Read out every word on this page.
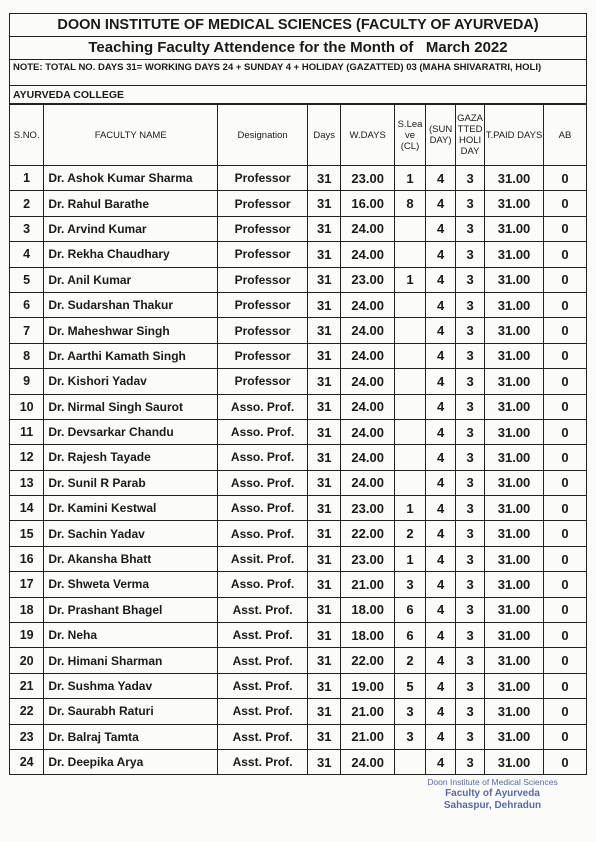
DOON INSTITUTE OF MEDICAL SCIENCES (FACULTY OF AYURVEDA)
Teaching Faculty Attendence for the Month of   March 2022
NOTE: TOTAL NO. DAYS 31= WORKING DAYS 24 + SUNDAY 4 + HOLIDAY (GAZATTED) 03 (MAHA SHIVARATRI, HOLI)
AYURVEDA COLLEGE
S.NO.	FACULTY NAME	Designation	Days	W.DAYS	S.Lea ve (CL)	(SUN DAY)	GAZA TTED HOLI DAY	T.PAID DAYS	AB
1	Dr. Ashok Kumar Sharma	Professor	31	23.00	1	4	3	31.00	0
2	Dr. Rahul Barathe	Professor	31	16.00	8	4	3	31.00	0
3	Dr. Arvind Kumar	Professor	31	24.00		4	3	31.00	0
4	Dr. Rekha Chaudhary	Professor	31	24.00		4	3	31.00	0
5	Dr. Anil Kumar	Professor	31	23.00	1	4	3	31.00	0
6	Dr. Sudarshan Thakur	Professor	31	24.00		4	3	31.00	0
7	Dr. Maheshwar Singh	Professor	31	24.00		4	3	31.00	0
8	Dr. Aarthi Kamath Singh	Professor	31	24.00		4	3	31.00	0
9	Dr. Kishori Yadav	Professor	31	24.00		4	3	31.00	0
10	Dr. Nirmal Singh Saurot	Asso. Prof.	31	24.00		4	3	31.00	0
11	Dr. Devsarkar Chandu	Asso. Prof.	31	24.00		4	3	31.00	0
12	Dr. Rajesh Tayade	Asso. Prof.	31	24.00		4	3	31.00	0
13	Dr. Sunil R Parab	Asso. Prof.	31	24.00		4	3	31.00	0
14	Dr. Kamini Kestwal	Asso. Prof.	31	23.00	1	4	3	31.00	0
15	Dr. Sachin Yadav	Asso. Prof.	31	22.00	2	4	3	31.00	0
16	Dr. Akansha Bhatt	Assit. Prof.	31	23.00	1	4	3	31.00	0
17	Dr. Shweta Verma	Asso. Prof.	31	21.00	3	4	3	31.00	0
18	Dr. Prashant Bhagel	Asst. Prof.	31	18.00	6	4	3	31.00	0
19	Dr. Neha	Asst. Prof.	31	18.00	6	4	3	31.00	0
20	Dr. Himani Sharman	Asst. Prof.	31	22.00	2	4	3	31.00	0
21	Dr. Sushma Yadav	Asst. Prof.	31	19.00	5	4	3	31.00	0
22	Dr. Saurabh Raturi	Asst. Prof.	31	21.00	3	4	3	31.00	0
23	Dr. Balraj Tamta	Asst. Prof.	31	21.00	3	4	3	31.00	0
24	Dr. Deepika Arya	Asst. Prof.	31	24.00		4	3	31.00	0
Doon Institute of Medical Sciences
Faculty of Ayurveda
Sahaspur, Dehradun
